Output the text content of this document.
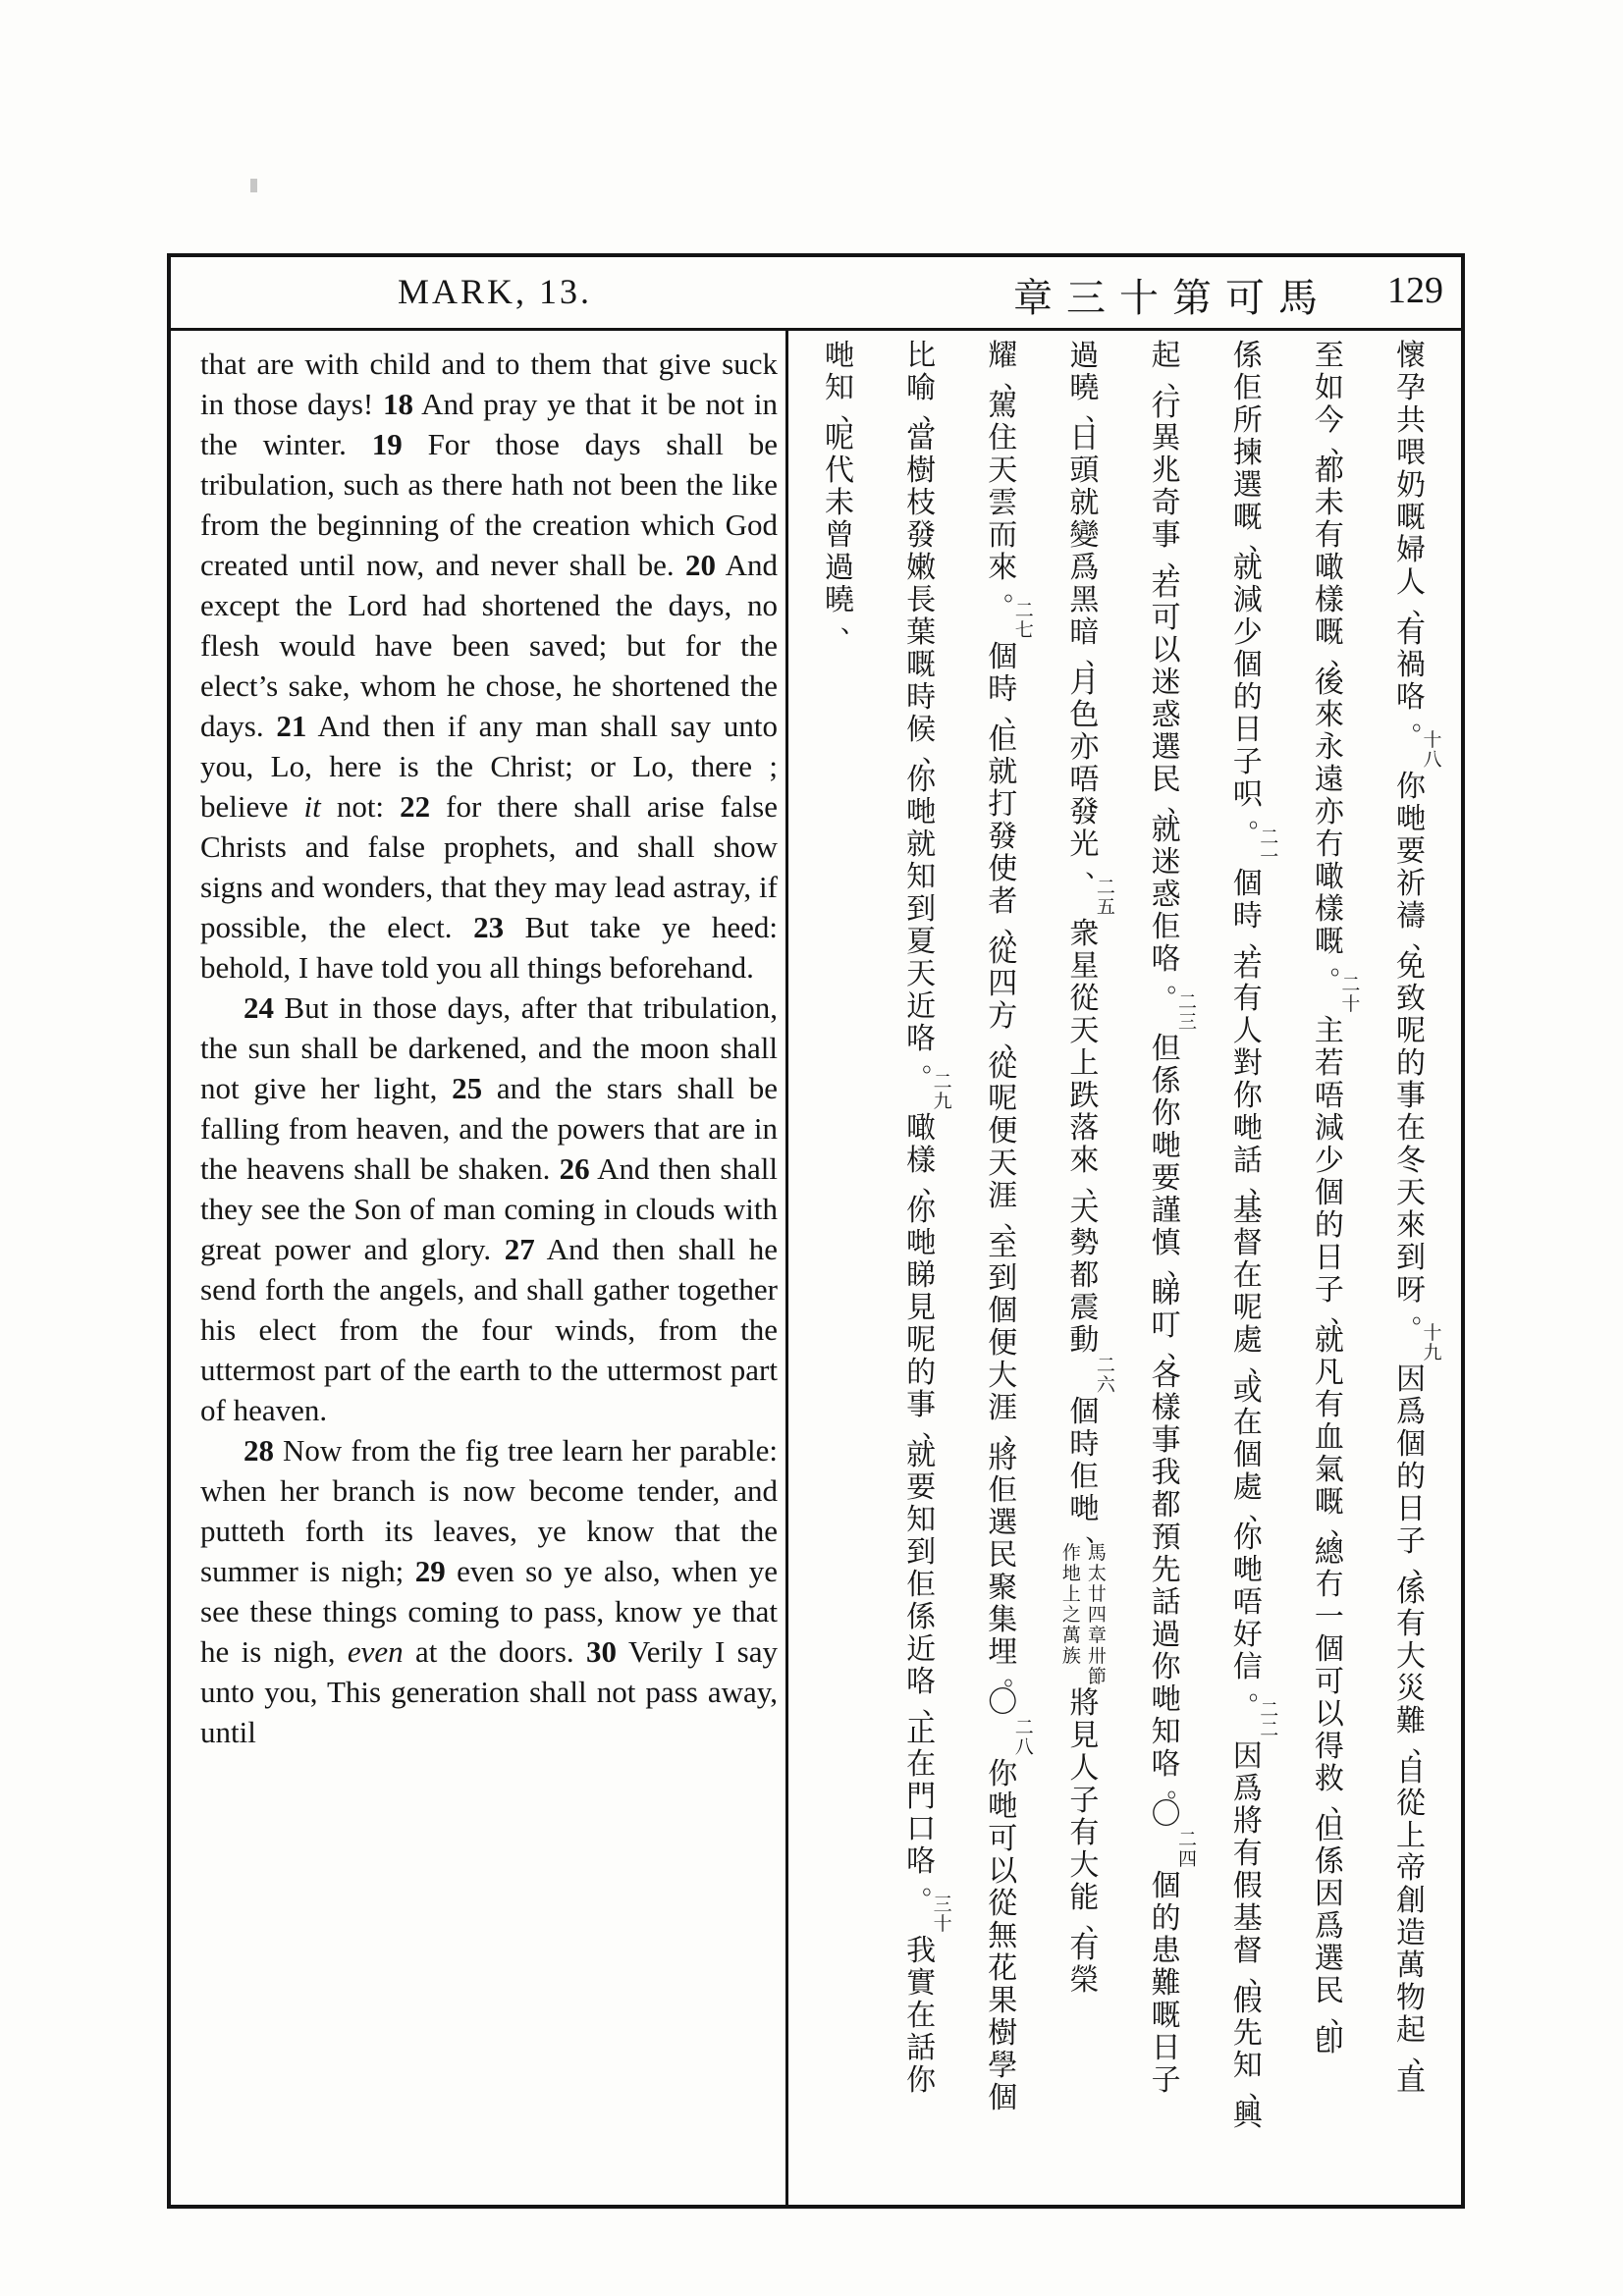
MARK, 13.	章三十第可馬	129

that are with child and to them that give suck in those days! 18 And pray ye that it be not in the winter. 19 For those days shall be tribulation, such as there hath not been the like from the beginning of the creation which God created until now, and never shall be. 20 And except the Lord had shortened the days, no flesh would have been saved; but for the elect’s sake, whom he chose, he shortened the days. 21 And then if any man shall say unto you, Lo, here is the Christ; or Lo, there ; believe it not: 22 for there shall arise false Christs and false prophets, and shall show signs and wonders, that they may lead astray, if possible, the elect. 23 But take ye heed: behold, I have told you all things beforehand.

24 But in those days, after that tribulation, the sun shall be darkened, and the moon shall not give her light, 25 and the stars shall be falling from heaven, and the powers that are in the heavens shall be shaken. 26 And then shall they see the Son of man coming in clouds with great power and glory. 27 And then shall he send forth the angels, and shall gather together his elect from the four winds, from the uttermost part of the earth to the uttermost part of heaven.

28 Now from the fig tree learn her parable: when her branch is now become tender, and putteth forth its leaves, ye know that the summer is nigh; 29 even so ye also, when ye see these things coming to pass, know ye that he is nigh, even at the doors. 30 Verily I say unto you, This generation shall not pass away, until

懷
孕
共
喂
奶
嘅
婦
人
、
有
禍
咯
。
十
八
你
哋
要
祈
禱
、
免
致
呢
的
事
在
冬
天
來
到
呀
。
十
九
因
爲
個
的
日
子
、
係
有
大
災
難
、
自
從
上
帝
創
造
萬
物
起
、
直
至
如
今
、
都
未
有
噉
樣
嘅
、
後
來
永
遠
亦
冇
噉
樣
嘅
。
二
十
主
若
唔
減
少
個
的
日
子
、
就
凡
有
血
氣
嘅
、
總
冇
一
個
可
以
得
救
、
但
係
因
爲
選
民
、
卽
係
佢
所
揀
選
嘅
、
就
減
少
個
的
日
子
呮
。
二
一
個
時
、
若
有
人
對
你
哋
話
、
基
督
在
呢
處
、
或
在
個
處
、
你
哋
唔
好
信
。
二
二
因
爲
將
有
假
基
督
、
假
先
知
、
興
起
、
行
異
兆
奇
事
、
若
可
以
迷
惑
選
民
、
就
迷
惑
佢
咯
。
二
三
但
係
你
哋
要
謹
慎
、
睇
叮
、
各
樣
事
我
都
預
先
話
過
你
哋
知
咯
。
〇
二
四
個
的
患
難
嘅
日
子
過
曉
、
日
頭
就
變
爲
黑
暗
、
月
色
亦
唔
發
光
、
二
五
衆
星
從
天
上
跌
落
來
、
天
勢
都
震
動
二
六
個
時
佢
哋
、
馬
太
廿
四
章
卅
節
作
地
上
之
萬
族
將
見
人
子
有
大
能
、
有
榮
耀
、
駕
住
天
雲
而
來
。
二
七
個
時
、
佢
就
打
發
使
者
、
從
四
方
、
從
呢
便
天
涯
、
至
到
個
便
大
涯
、
將
佢
選
民
聚
集
埋
。
〇
二
八
你
哋
可
以
從
無
花
果
樹
學
個
比
喻
、
當
樹
枝
發
嫩
長
葉
嘅
時
候
、
你
哋
就
知
到
夏
天
近
咯
。
二
九
噉
樣
、
你
哋
睇
見
呢
的
事
、
就
要
知
到
佢
係
近
咯
、
正
在
門
口
咯
。
三
十
我
實
在
話
你
哋
知
、
呢
代
未
曾
過
曉
、
